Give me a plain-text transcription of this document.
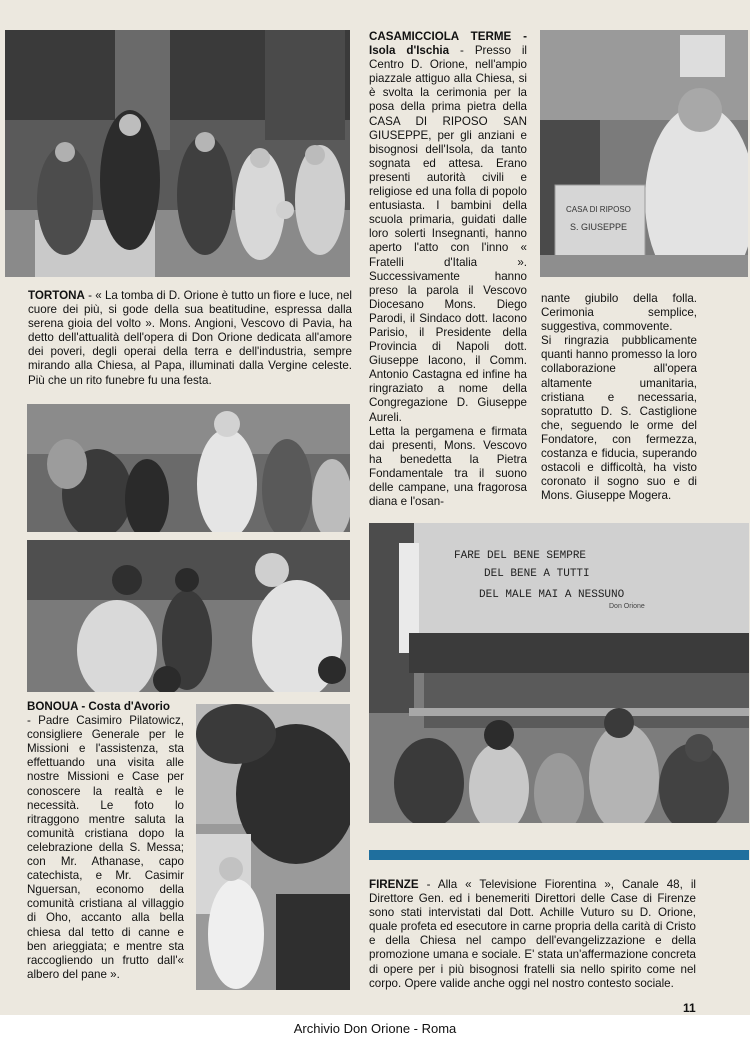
TORTONA - « La tomba di D. Orione è tutto un fiore e luce, nel cuore dei più, si gode della sua beatitudine, espressa dalla serena gioia del volto ». Mons. Angioni, Vescovo di Pavia, ha detto dell'attualità dell'opera di Don Orione dedicata all'amore dei poveri, degli operai della terra e dell'industria, sempre mirando alla Chiesa, al Papa, illuminati dalla Vergine celeste. Più che un rito funebre fu una festa.
CASAMICCIOLA TERME - Isola d'Ischia - Presso il Centro D. Orione, nell'ampio piazzale attiguo alla Chiesa, si è svolta la cerimonia per la posa della prima pietra della CASA DI RIPOSO SAN GIUSEPPE, per gli anziani e bisognosi dell'Isola, da tanto sognata ed attesa. Erano presenti autorità civili e religiose ed una folla di popolo entusiasta. I bambini della scuola primaria, guidati dalle loro solerti Insegnanti, hanno aperto l'atto con l'inno « Fratelli d'Italia ». Successivamente hanno preso la parola il Vescovo Diocesano Mons. Diego Parodi, il Sindaco dott. Iacono Parisio, il Presidente della Provincia di Napoli dott. Giuseppe Iacono, il Comm. Antonio Castagna ed infine ha ringraziato a nome della Congregazione D. Giuseppe Aureli.
Letta la pergamena e firmata dai presenti, Mons. Vescovo ha benedetta la Pietra Fondamentale tra il suono delle campane, una fragorosa diana e l'osan-
CASA DI RIPOSO
S. GIUSEPPE
nante giubilo della folla. Cerimonia semplice, suggestiva, commovente.
Si ringrazia pubblicamente quanti hanno promesso la loro collaborazione all'opera altamente umanitaria, cristiana e necessaria, sopratutto D. S. Castiglione che, seguendo le orme del Fondatore, con fermezza, costanza e fiducia, superando ostacoli e difficoltà, ha visto coronato il sogno suo e di Mons. Giuseppe Mogera.
BONOUA - Costa d'Avorio
- Padre Casimiro Pilatowicz, consigliere Generale per le Missioni e l'assistenza, sta effettuando una visita alle nostre Missioni e Case per conoscere la realtà e le necessità. Le foto lo ritraggono mentre saluta la comunità cristiana dopo la celebrazione della S. Messa; con Mr. Athanase, capo catechista, e Mr. Casimir Nguersan, economo della comunità cristiana al villaggio di Oho, accanto alla bella chiesa dal tetto di canne e ben arieggiata; e mentre sta raccogliendo un frutto dall'« albero del pane ».
FARE DEL BENE SEMPRE
DEL BENE A TUTTI
DEL MALE MAI A NESSUNO
Don Orione
FIRENZE - Alla « Televisione Fiorentina », Canale 48, il Direttore Gen. ed i benemeriti Direttori delle Case di Firenze sono stati intervistati dal Dott. Achille Vuturo su D. Orione, quale profeta ed esecutore in carne propria della carità di Cristo e della Chiesa nel campo dell'evangelizzazione e della promozione umana e sociale. E' stata un'affermazione concreta di opere per i più bisognosi fratelli sia nello spirito come nel corpo. Opere valide anche oggi nel nostro contesto sociale.
11
Archivio Don Orione - Roma
